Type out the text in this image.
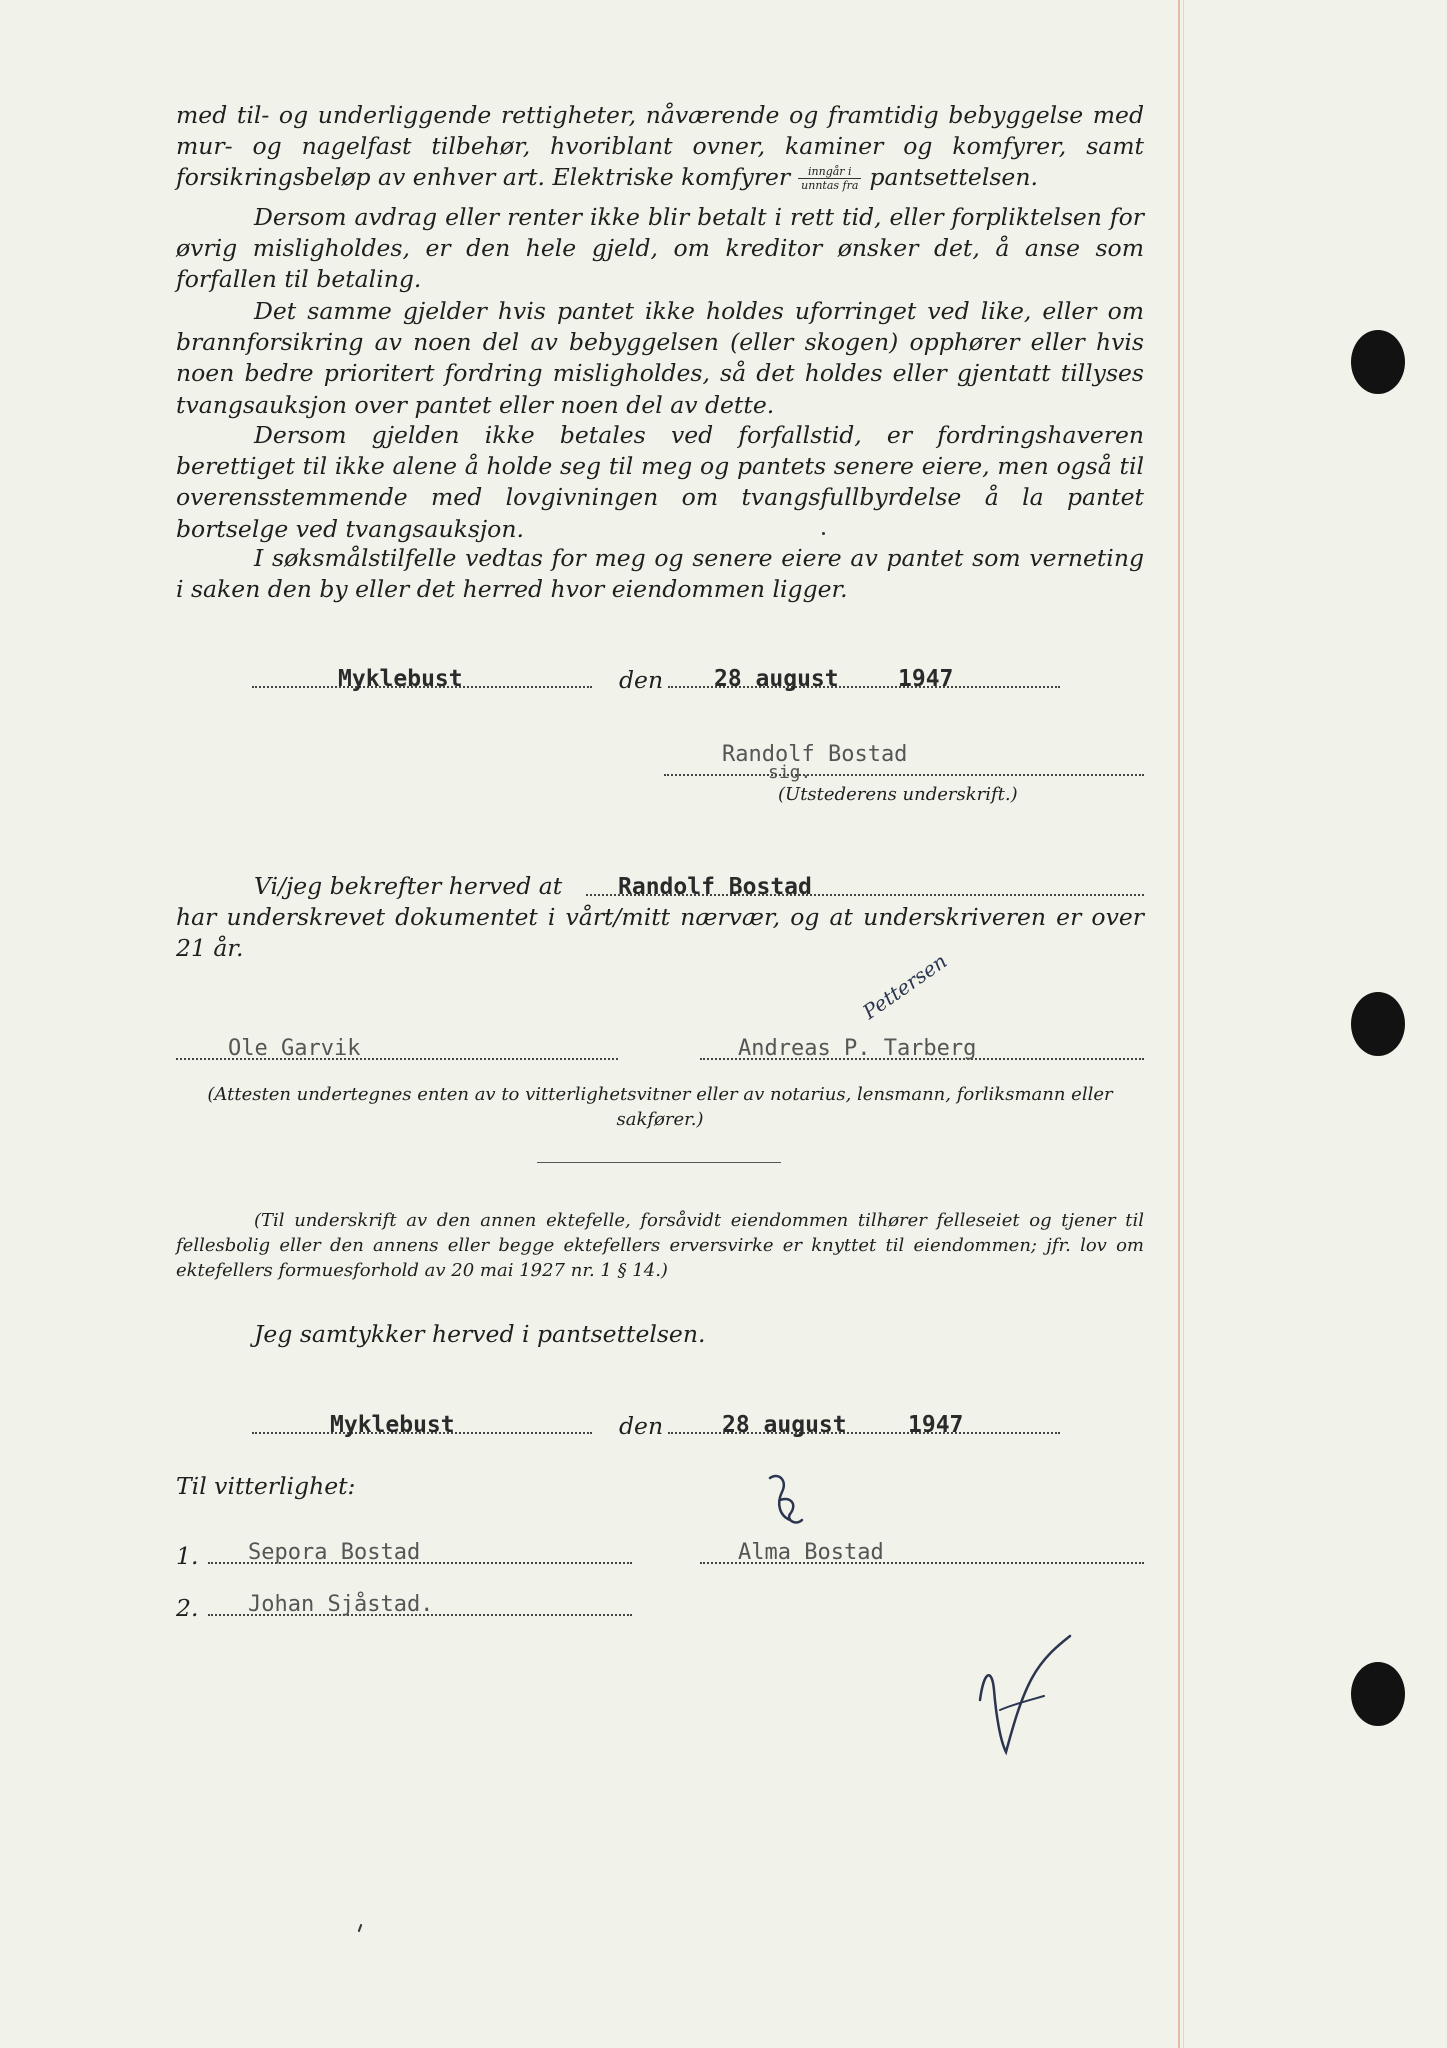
med til- og underliggende rettigheter, nåværende og framtidig bebyggelse med mur- og nagelfast tilbehør, hvoriblant ovner, kaminer og komfyrer, samt forsikringsbeløp av enhver art. Elektriske komfyrer $\frac{\text{inngår i}}{\text{unntas fra}}$ pantsettelsen.

Dersom avdrag eller renter ikke blir betalt i rett tid, eller forpliktelsen for øvrig misligholdes, er den hele gjeld, om kreditor ønsker det, å anse som forfallen til betaling.

Det samme gjelder hvis pantet ikke holdes uforringet ved like, eller om brannforsikring av noen del av bebyggelsen (eller skogen) opphører eller hvis noen bedre prioritert fordring misligholdes, så det holdes eller gjentatt tillyses tvangsauksjon over pantet eller noen del av dette.

Dersom gjelden ikke betales ved forfallstid, er fordringshaveren berettiget til ikke alene å holde seg til meg og pantets senere eiere, men også til overensstemmende med lovgivningen om tvangsfullbyrdelse å la pantet bortselge ved tvangsauksjon.

I søksmålstilfelle vedtas for meg og senere eiere av pantet som verneting i saken den by eller det herred hvor eiendommen ligger.

Myklebust	den 28 august	1947
Randolf Bostad
sig.
(Utstederens underskrift.)
Vi/jeg bekrefter herved at Randolf Bostad

har underskrevet dokumentet i vårt/mitt nærvær, og at underskriveren er over 21 år.

Ole Garvik	Andreas P. Tarberg
Pettersen

(Attesten undertegnes enten av to vitterlighetsvitner eller av notarius, lensmann, forliksmann eller sakfører.)

(Til underskrift av den annen ektefelle, forsåvidt eiendommen tilhører felleseiet og tjener til fellesbolig eller den annens eller begge ektefellers erversvirke er knyttet til eiendommen; jfr. lov om ektefellers formuesforhold av 20 mai 1927 nr. 1 § 14.)

Jeg samtykker herved i pantsettelsen.
Myklebust	den	28 august	1947
Til vitterlighet:
1. Sepora Bostad	Alma Bostad
2. Johan Sjåstad.
